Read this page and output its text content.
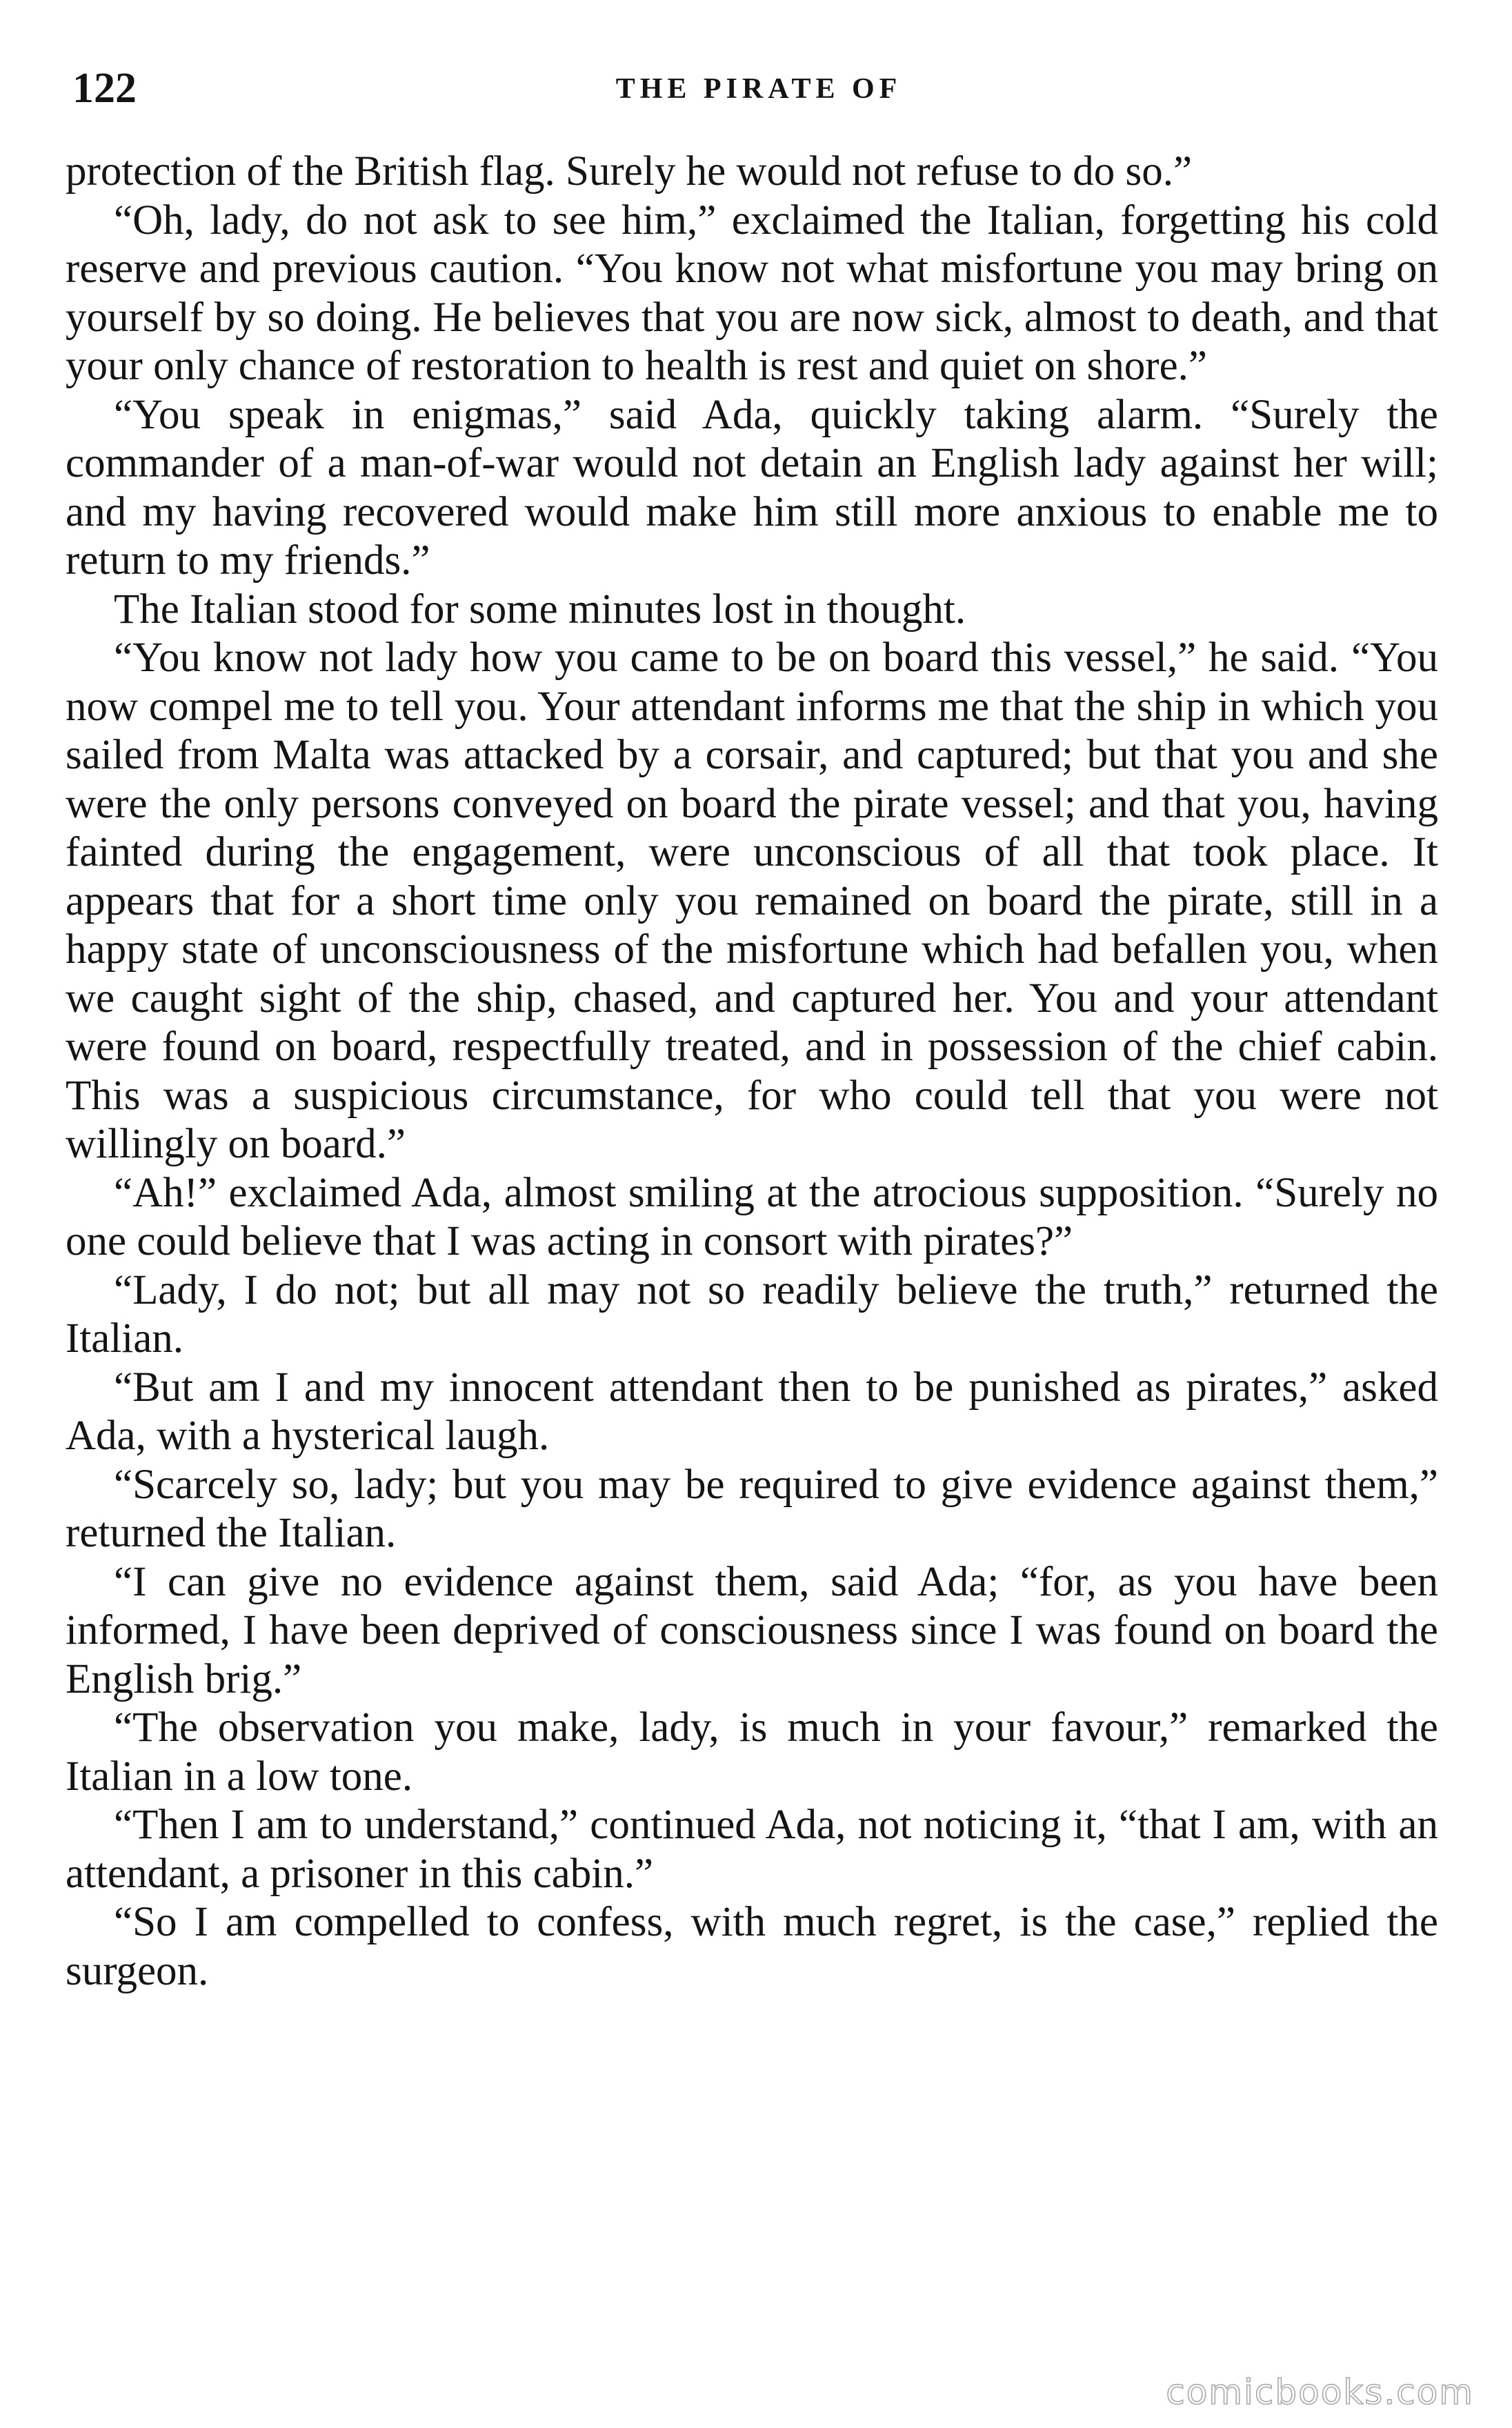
122	THE PIRATE OF

protection of the British flag. Surely he would not refuse to do so.”

“Oh, lady, do not ask to see him,” exclaimed the Italian, forgetting his cold reserve and previous caution. “You know not what misfortune you may bring on yourself by so doing. He believes that you are now sick, almost to death, and that your only chance of restoration to health is rest and quiet on shore.”

“You speak in enigmas,” said Ada, quickly taking alarm. “Surely the commander of a man-of-war would not detain an English lady against her will; and my having recovered would make him still more anxious to enable me to return to my friends.”

The Italian stood for some minutes lost in thought.

“You know not lady how you came to be on board this vessel,” he said. “You now compel me to tell you. Your attendant informs me that the ship in which you sailed from Malta was attacked by a corsair, and captured; but that you and she were the only persons conveyed on board the pirate vessel; and that you, having fainted during the engagement, were unconscious of all that took place. It appears that for a short time only you remained on board the pirate, still in a happy state of unconsciousness of the misfortune which had befallen you, when we caught sight of the ship, chased, and captured her. You and your attendant were found on board, respectfully treated, and in possession of the chief cabin. This was a suspicious circumstance, for who could tell that you were not willingly on board.”

“Ah!” exclaimed Ada, almost smiling at the atrocious supposition. “Surely no one could believe that I was acting in consort with pirates?”

“Lady, I do not; but all may not so readily believe the truth,” returned the Italian.

“But am I and my innocent attendant then to be punished as pirates,” asked Ada, with a hysterical laugh.

“Scarcely so, lady; but you may be required to give evidence against them,” returned the Italian.

“I can give no evidence against them, said Ada; “for, as you have been informed, I have been deprived of consciousness since I was found on board the English brig.”

“The observation you make, lady, is much in your favour,” remarked the Italian in a low tone.

“Then I am to understand,” continued Ada, not noticing it, “that I am, with an attendant, a prisoner in this cabin.”

“So I am compelled to confess, with much regret, is the case,” replied the surgeon.

comicbooks.com
